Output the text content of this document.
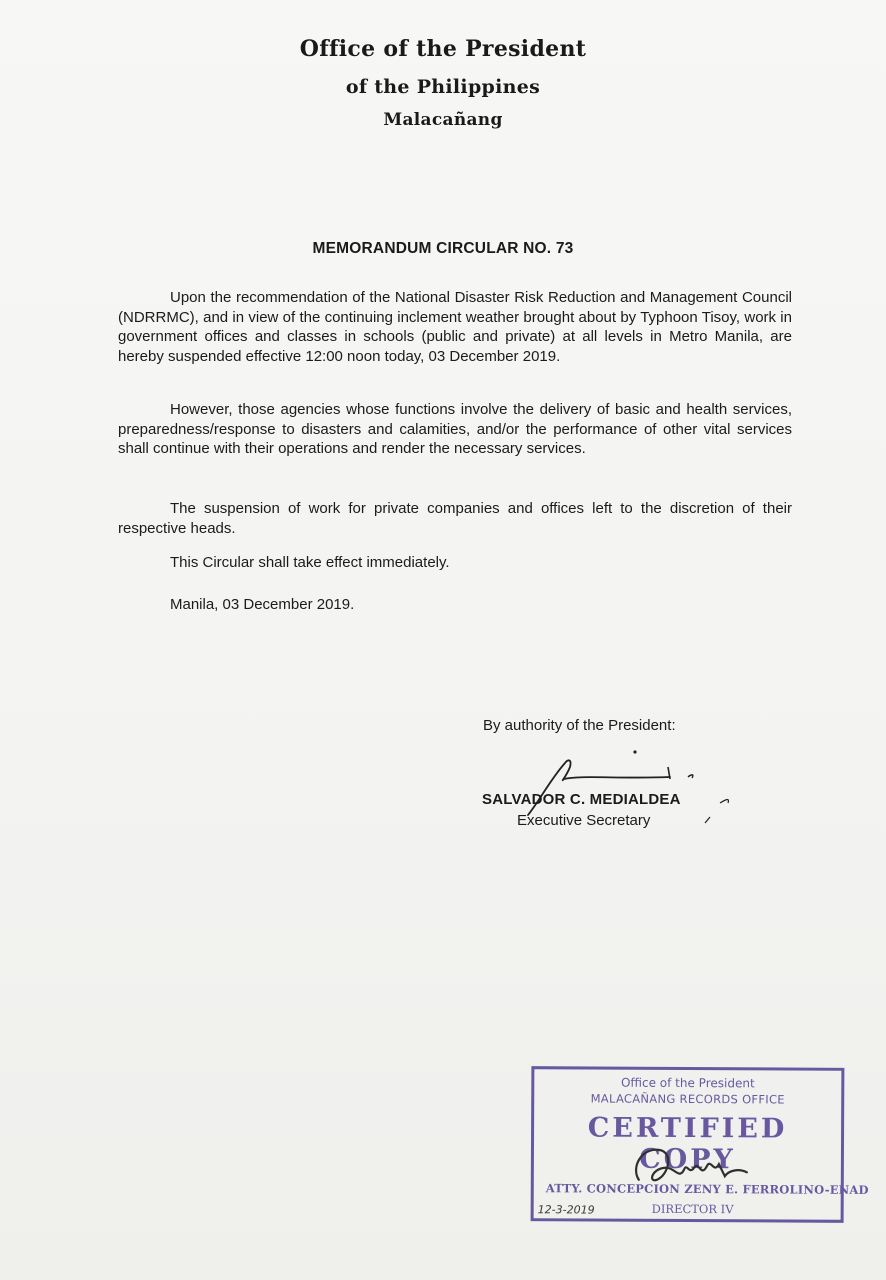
Office of the President
of the Philippines
Malacañang
MEMORANDUM CIRCULAR NO. 73

Upon the recommendation of the National Disaster Risk Reduction and Management Council (NDRRMC), and in view of the continuing inclement weather brought about by Typhoon Tisoy, work in government offices and classes in schools (public and private) at all levels in Metro Manila, are hereby suspended effective 12:00 noon today, 03 December 2019.

However, those agencies whose functions involve the delivery of basic and health services, preparedness/response to disasters and calamities, and/or the performance of other vital services shall continue with their operations and render the necessary services.

The suspension of work for private companies and offices left to the discretion of their respective heads.

This Circular shall take effect immediately.
Manila, 03 December 2019.
By authority of the President:
SALVADOR C. MEDIALDEA
Executive Secretary
Office of the President
MALACAÑANG RECORDS OFFICE
CERTIFIED COPY
ATTY. CONCEPCION ZENY E. FERROLINO-ENAD
12-3-2019	DIRECTOR IV
